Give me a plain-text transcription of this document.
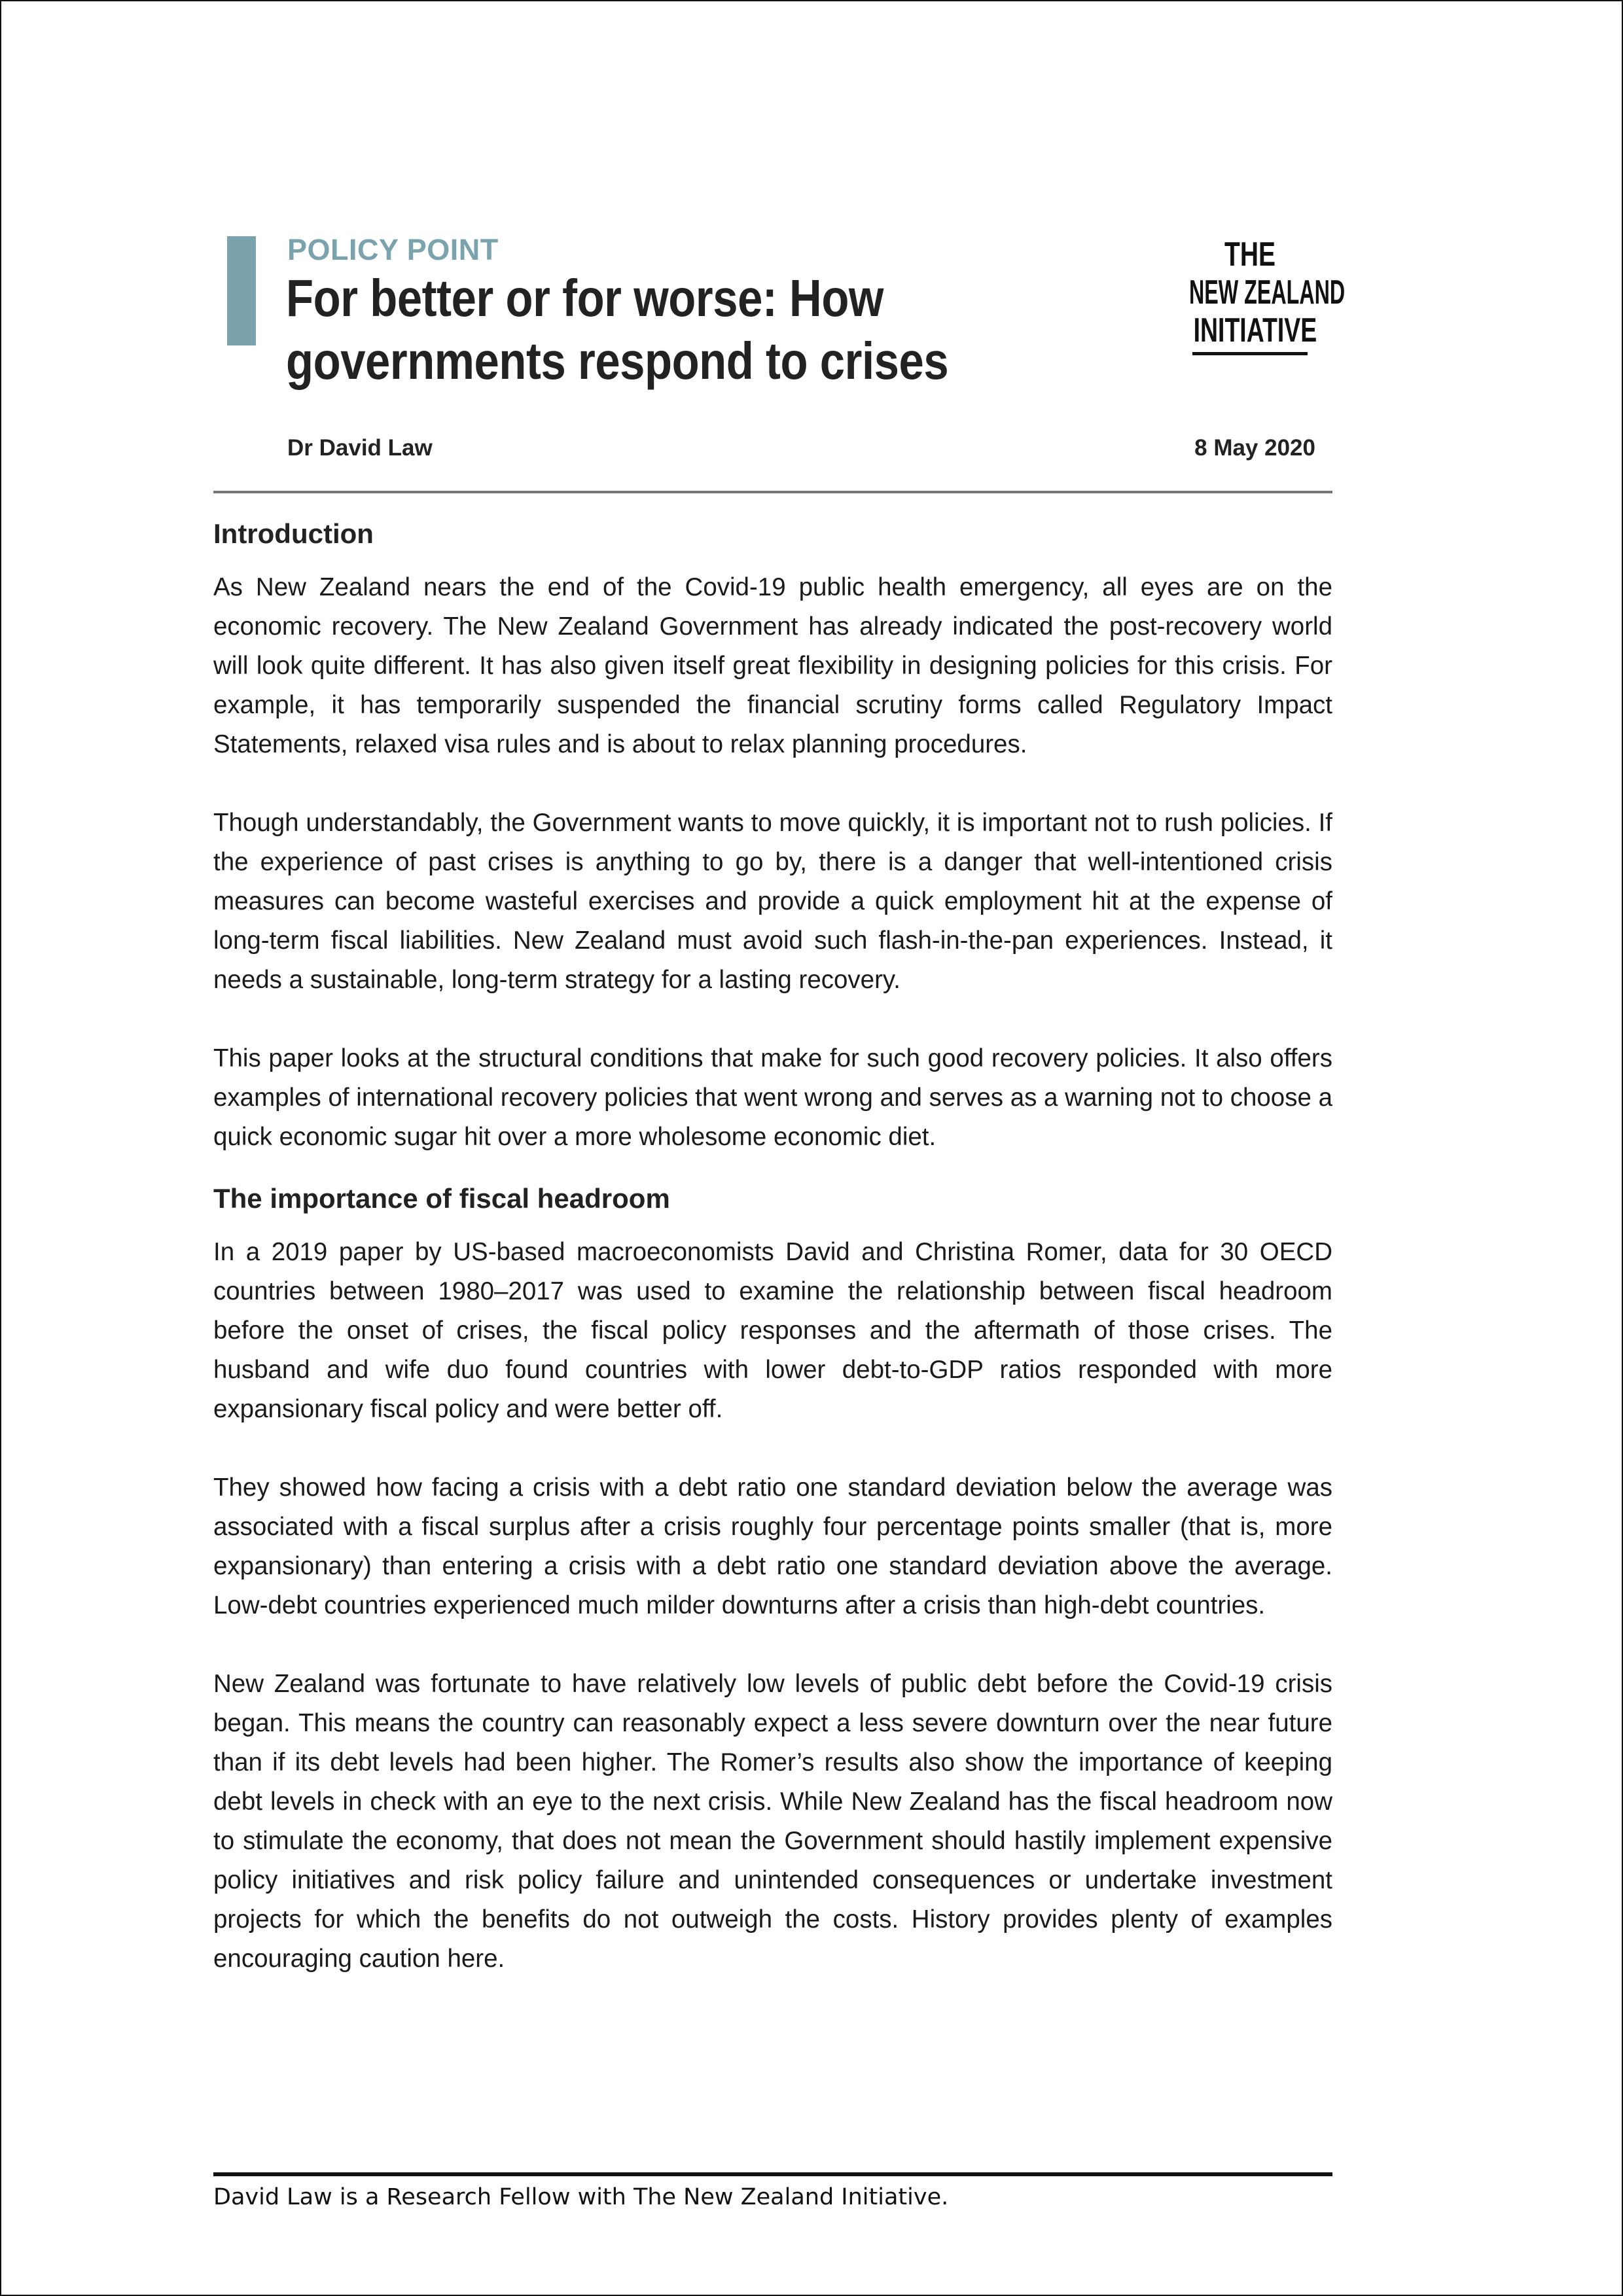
POLICY POINT
For better or for worse: How governments respond to crises
THE
NEW ZEALAND
INITIATIVE
Dr David Law	8 May 2020
Introduction

As New Zealand nears the end of the Covid-19 public health emergency, all eyes are on the economic recovery. The New Zealand Government has already indicated the post-recovery world will look quite different. It has also given itself great flexibility in designing policies for this crisis. For example, it has temporarily suspended the financial scrutiny forms called Regulatory Impact Statements, relaxed visa rules and is about to relax planning procedures.

Though understandably, the Government wants to move quickly, it is important not to rush policies. If the experience of past crises is anything to go by, there is a danger that well-intentioned crisis measures can become wasteful exercises and provide a quick employment hit at the expense of long-term fiscal liabilities. New Zealand must avoid such flash-in-the-pan experiences. Instead, it needs a sustainable, long-term strategy for a lasting recovery.

This paper looks at the structural conditions that make for such good recovery policies. It also offers examples of international recovery policies that went wrong and serves as a warning not to choose a quick economic sugar hit over a more wholesome economic diet.

The importance of fiscal headroom

In a 2019 paper by US-based macroeconomists David and Christina Romer, data for 30 OECD countries between 1980–2017 was used to examine the relationship between fiscal headroom before the onset of crises, the fiscal policy responses and the aftermath of those crises. The husband and wife duo found countries with lower debt-to-GDP ratios responded with more expansionary fiscal policy and were better off.

They showed how facing a crisis with a debt ratio one standard deviation below the average was associated with a fiscal surplus after a crisis roughly four percentage points smaller (that is, more expansionary) than entering a crisis with a debt ratio one standard deviation above the average. Low-debt countries experienced much milder downturns after a crisis than high-debt countries.

New Zealand was fortunate to have relatively low levels of public debt before the Covid-19 crisis began. This means the country can reasonably expect a less severe downturn over the near future than if its debt levels had been higher. The Romer’s results also show the importance of keeping debt levels in check with an eye to the next crisis. While New Zealand has the fiscal headroom now to stimulate the economy, that does not mean the Government should hastily implement expensive policy initiatives and risk policy failure and unintended consequences or undertake investment projects for which the benefits do not outweigh the costs. History provides plenty of examples encouraging caution here.

David Law is a Research Fellow with The New Zealand Initiative.
